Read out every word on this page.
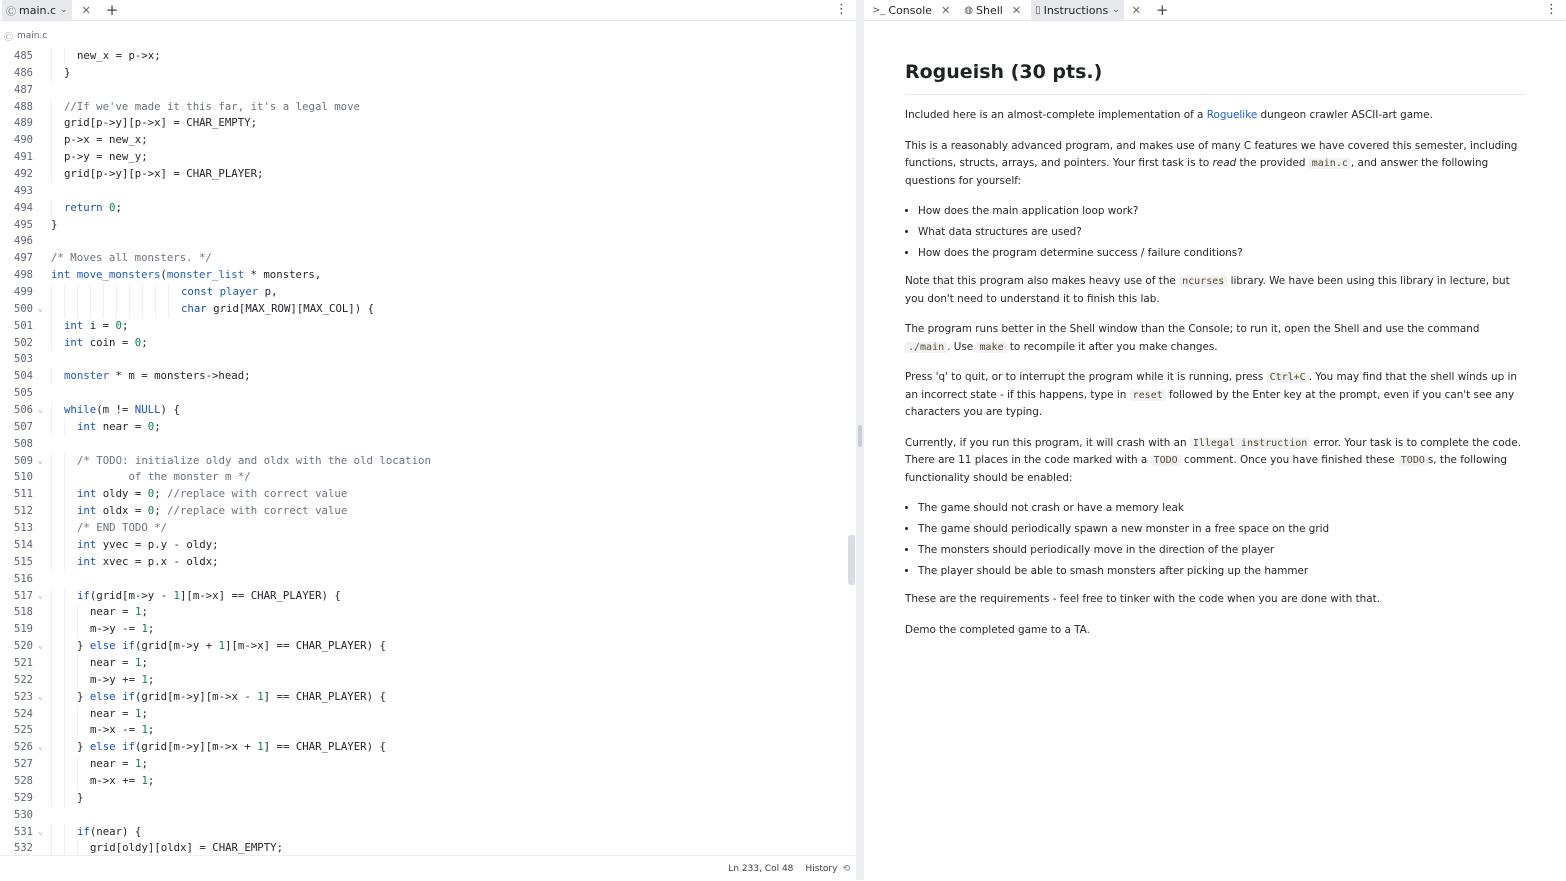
Ⓒ main.c ⌄ ✕ +	⋮
Ⓒ main.c
485	new_x = p->x;
486	}
487
488	//If we've made it this far, it's a legal move
489	grid[p->y][p->x] = CHAR_EMPTY;
490	p->x = new_x;
491	p->y = new_y;
492	grid[p->y][p->x] = CHAR_PLAYER;
493
494	return 0;
495 }
496
497 /* Moves all monsters. */
498 int move_monsters(monster_list * monsters,
499	const player p,
500 ⌄	char grid[MAX_ROW][MAX_COL]) {
501	int i = 0;
502	int coin = 0;
503
504	monster * m = monsters->head;
505
506 ⌄	while(m != NULL) {
507	int near = 0;
508
509 ⌄	/* TODO: initialize oldy and oldx with the old location
510	of the monster m */
511	int oldy = 0; //replace with correct value
512	int oldx = 0; //replace with correct value
513	/* END TODO */
514	int yvec = p.y - oldy;
515	int xvec = p.x - oldx;
516
517 ⌄	if(grid[m->y - 1][m->x] == CHAR_PLAYER) {
518	near = 1;
519	m->y -= 1;
520 ⌄	} else if(grid[m->y + 1][m->x] == CHAR_PLAYER) {
521	near = 1;
522	m->y += 1;
523 ⌄	} else if(grid[m->y][m->x - 1] == CHAR_PLAYER) {
524	near = 1;
525	m->x -= 1;
526 ⌄	} else if(grid[m->y][m->x + 1] == CHAR_PLAYER) {
527	near = 1;
528	m->x += 1;
529	}
530
531 ⌄	if(near) {
532	grid[oldy][oldx] = CHAR_EMPTY;
Ln 233, Col 48 History ⟲
>_ Console ✕ ◍ Shell ✕ ▯ Instructions ⌄ ✕ +	⋮
Rogueish (30 pts.)

Included here is an almost-complete implementation of a Roguelike dungeon crawler ASCII-art game.

This is a reasonably advanced program, and makes use of many C features we have covered this semester, including functions, structs, arrays, and pointers. Your first task is to read the provided main.c , and answer the following questions for yourself:

• How does the main application loop work?
• What data structures are used?
• How does the program determine success / failure conditions?

Note that this program also makes heavy use of the ncurses library. We have been using this library in lecture, but you don't need to understand it to finish this lab.

The program runs better in the Shell window than the Console; to run it, open the Shell and use the command ./main . Use make to recompile it after you make changes.

Press 'q' to quit, or to interrupt the program while it is running, press Ctrl+C . You may find that the shell winds up in an incorrect state - if this happens, type in reset followed by the Enter key at the prompt, even if you can't see any characters you are typing.

Currently, if you run this program, it will crash with an Illegal instruction error. Your task is to complete the code. There are 11 places in the code marked with a TODO comment. Once you have finished these TODO s, the following functionality should be enabled:

• The game should not crash or have a memory leak
• The game should periodically spawn a new monster in a free space on the grid
• The monsters should periodically move in the direction of the player
• The player should be able to smash monsters after picking up the hammer

These are the requirements - feel free to tinker with the code when you are done with that.

Demo the completed game to a TA.
